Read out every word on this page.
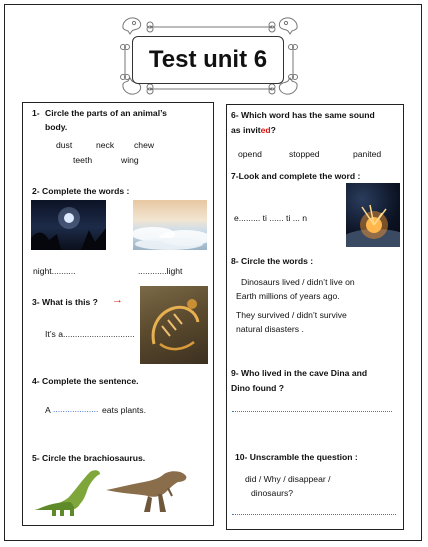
Test unit 6
1- Circle the parts of an animal’s
body.
dust	neck chew
teeth	wing
2- Complete the words :
night..........	............light
3- What is this ? →
It’s a..............................
4- Complete the sentence.
A ................... eats plants.
5- Circle the brachiosaurus.
6- Which word has the same sound
as invited?
opend	stopped	panited
7-Look and complete the word :
e......... ti ...... ti ... n
8- Circle the words :
Dinosaurs lived / didn’t live on
Earth millions of years ago.
They survived / didn’t survive
natural disasters .
9- Who lived in the cave Dina and
Dino found ?
10- Unscramble the question :
did / Why / disappear /
dinosaurs?
